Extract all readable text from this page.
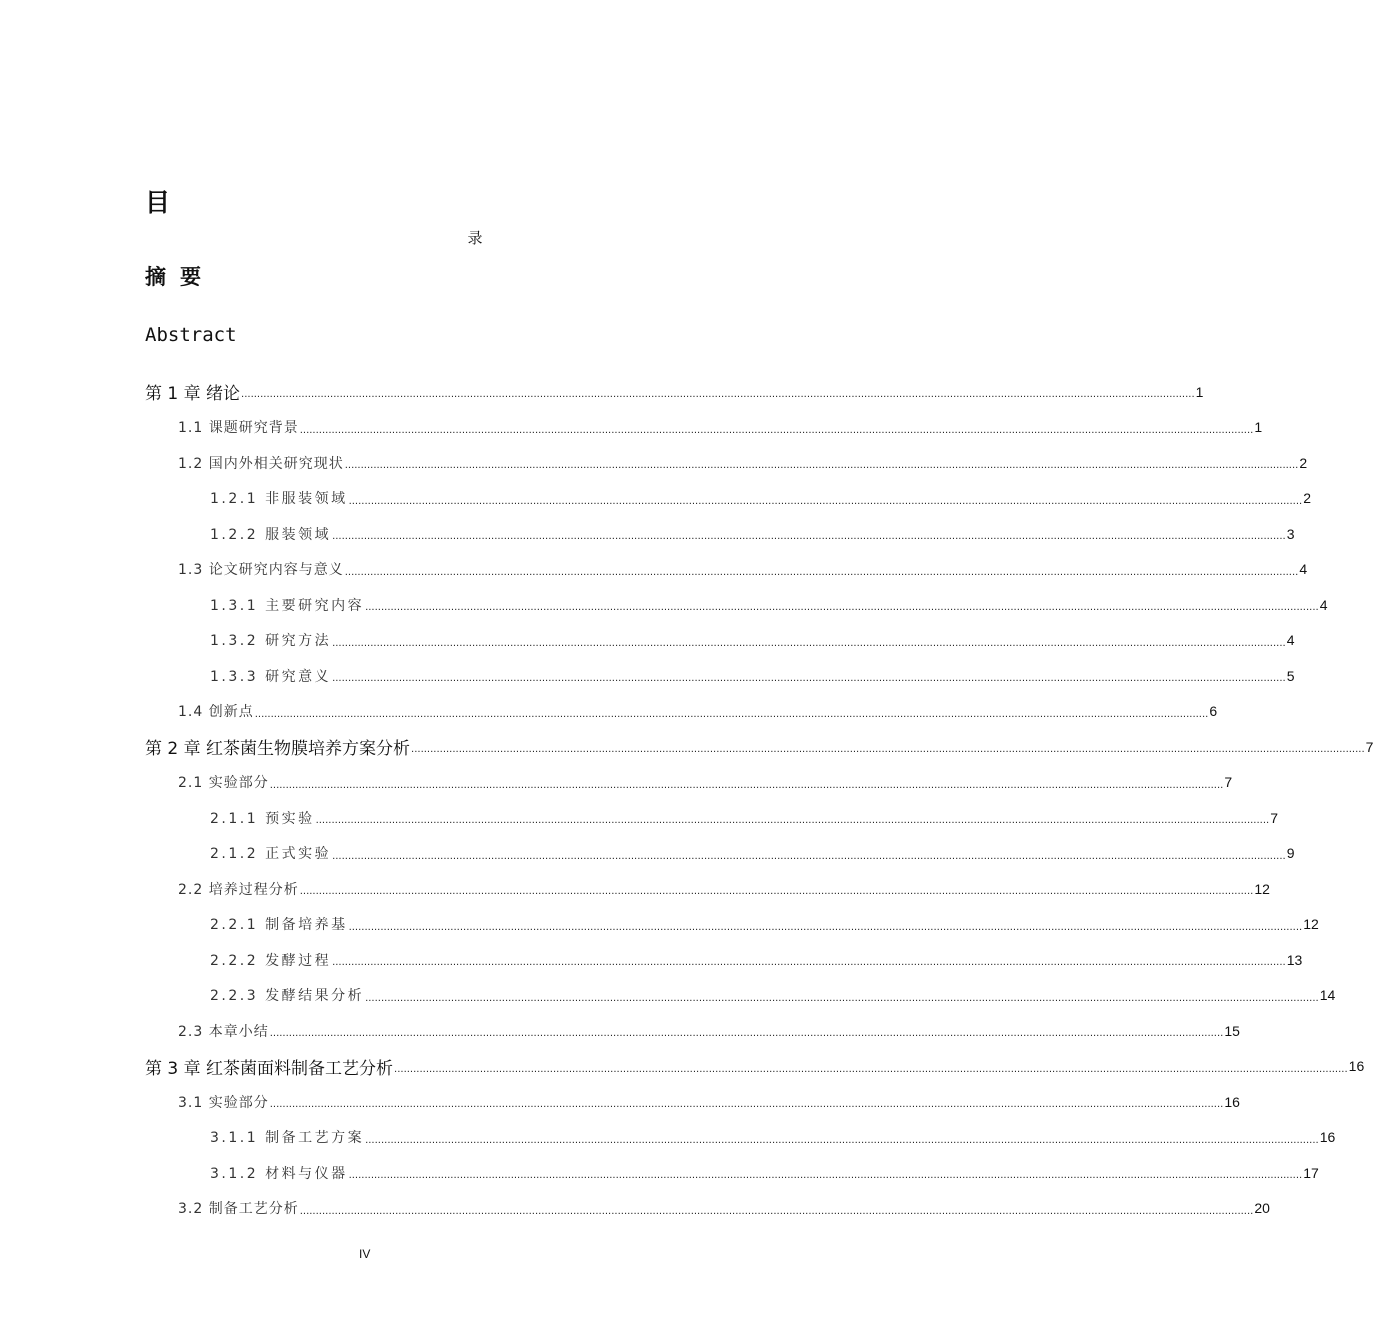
目
录
摘要
Abstract
第 1 章 绪论 ............................................................................................................................................................................................................................................................................................................ 1
1.1 课题研究背景 ............................................................................................................................................................................................................................................................................................................ 1
1.2 国内外相关研究现状 ............................................................................................................................................................................................................................................................................................................ 2
1.2.1 非服装领域 ............................................................................................................................................................................................................................................................................................................ 2
1.2.2 服装领域 ............................................................................................................................................................................................................................................................................................................ 3
1.3 论文研究内容与意义 ............................................................................................................................................................................................................................................................................................................ 4
1.3.1 主要研究内容 ............................................................................................................................................................................................................................................................................................................ 4
1.3.2 研究方法 ............................................................................................................................................................................................................................................................................................................ 4
1.3.3 研究意义 ............................................................................................................................................................................................................................................................................................................ 5
1.4 创新点 ............................................................................................................................................................................................................................................................................................................ 6
第 2 章 红茶菌生物膜培养方案分析 ............................................................................................................................................................................................................................................................................................................ 7
2.1 实验部分 ............................................................................................................................................................................................................................................................................................................ 7
2.1.1 预实验 ............................................................................................................................................................................................................................................................................................................ 7
2.1.2 正式实验 ............................................................................................................................................................................................................................................................................................................ 9
2.2 培养过程分析 ............................................................................................................................................................................................................................................................................................................ 12
2.2.1 制备培养基 ............................................................................................................................................................................................................................................................................................................ 12
2.2.2 发酵过程 ............................................................................................................................................................................................................................................................................................................ 13
2.2.3 发酵结果分析 ............................................................................................................................................................................................................................................................................................................ 14
2.3 本章小结 ............................................................................................................................................................................................................................................................................................................ 15
第 3 章 红茶菌面料制备工艺分析 ............................................................................................................................................................................................................................................................................................................ 16
3.1 实验部分 ............................................................................................................................................................................................................................................................................................................ 16
3.1.1 制备工艺方案 ............................................................................................................................................................................................................................................................................................................ 16
3.1.2 材料与仪器 ............................................................................................................................................................................................................................................................................................................ 17
3.2 制备工艺分析 ............................................................................................................................................................................................................................................................................................................ 20
IV
